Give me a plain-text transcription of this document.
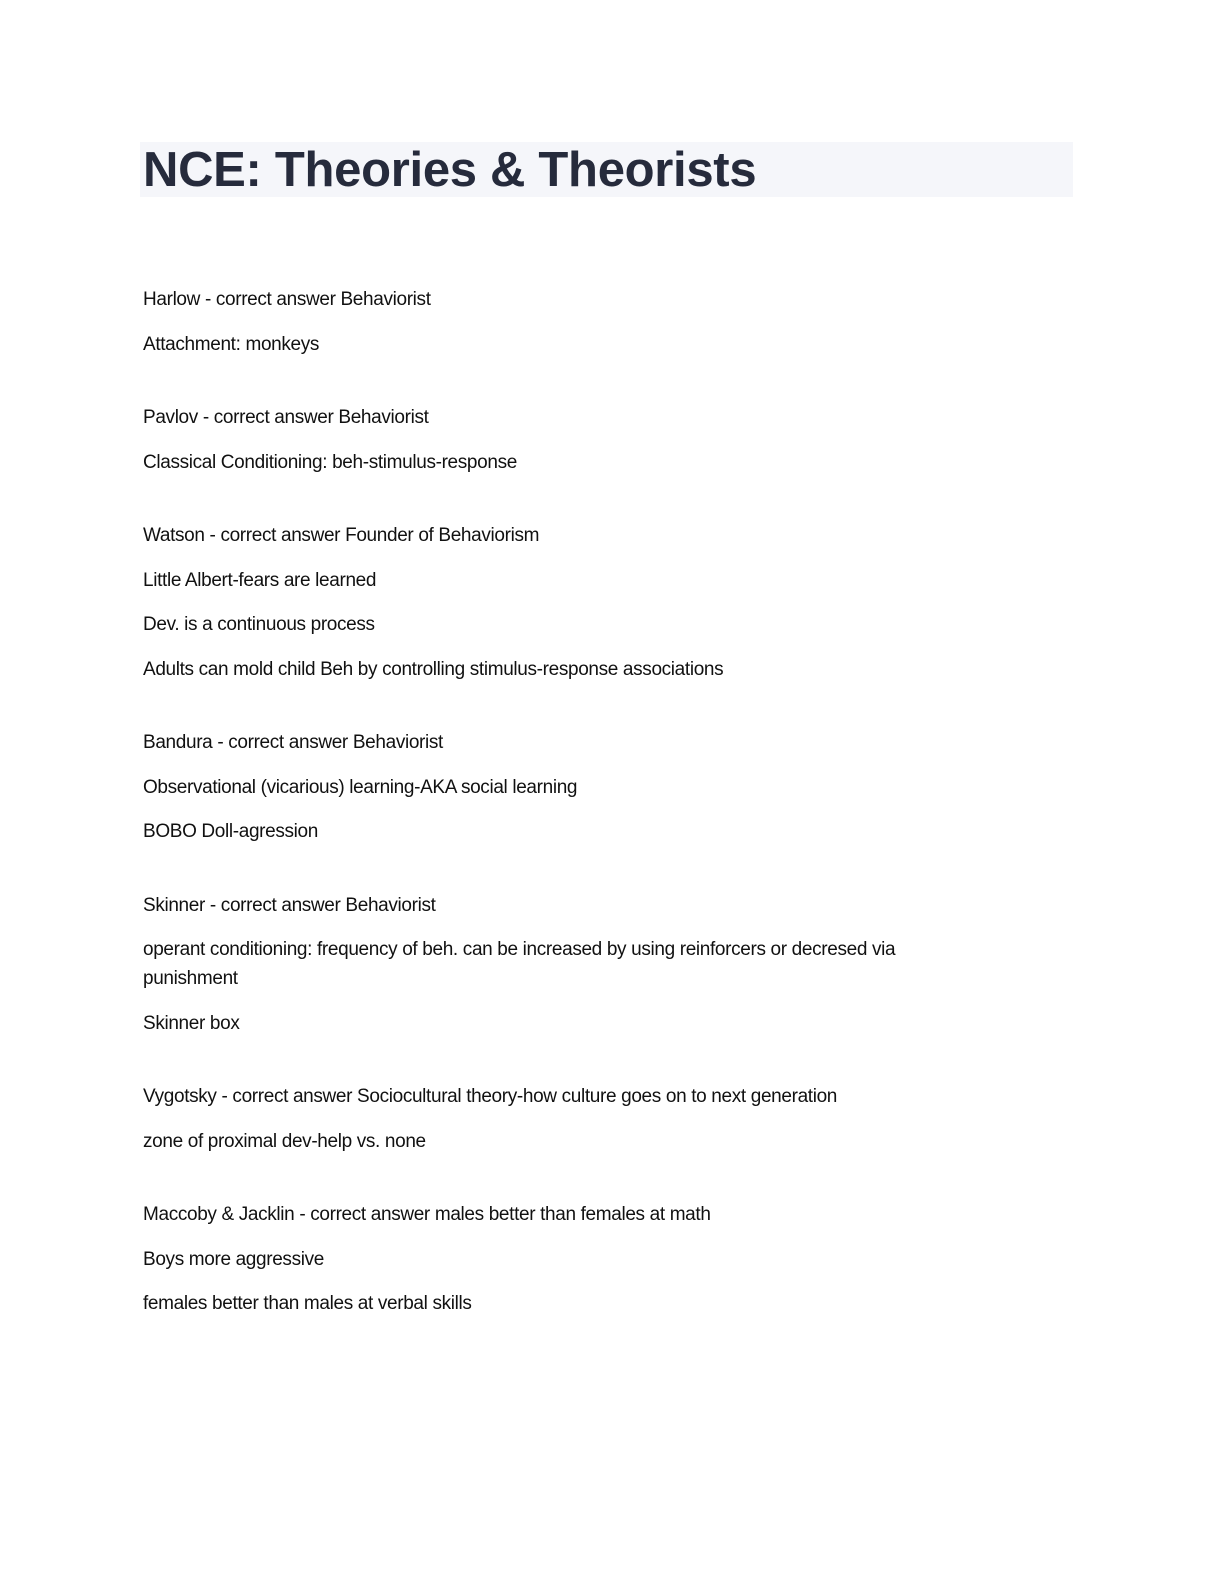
NCE: Theories & Theorists

Harlow - correct answer Behaviorist

Attachment: monkeys

Pavlov - correct answer Behaviorist

Classical Conditioning: beh-stimulus-response

Watson - correct answer Founder of Behaviorism

Little Albert-fears are learned

Dev. is a continuous process

Adults can mold child Beh by controlling stimulus-response associations

Bandura - correct answer Behaviorist

Observational (vicarious) learning-AKA social learning

BOBO Doll-agression

Skinner - correct answer Behaviorist

operant conditioning: frequency of beh. can be increased by using reinforcers or decresed via punishment

Skinner box

Vygotsky - correct answer Sociocultural theory-how culture goes on to next generation

zone of proximal dev-help vs. none

Maccoby & Jacklin - correct answer males better than females at math

Boys more aggressive

females better than males at verbal skills
